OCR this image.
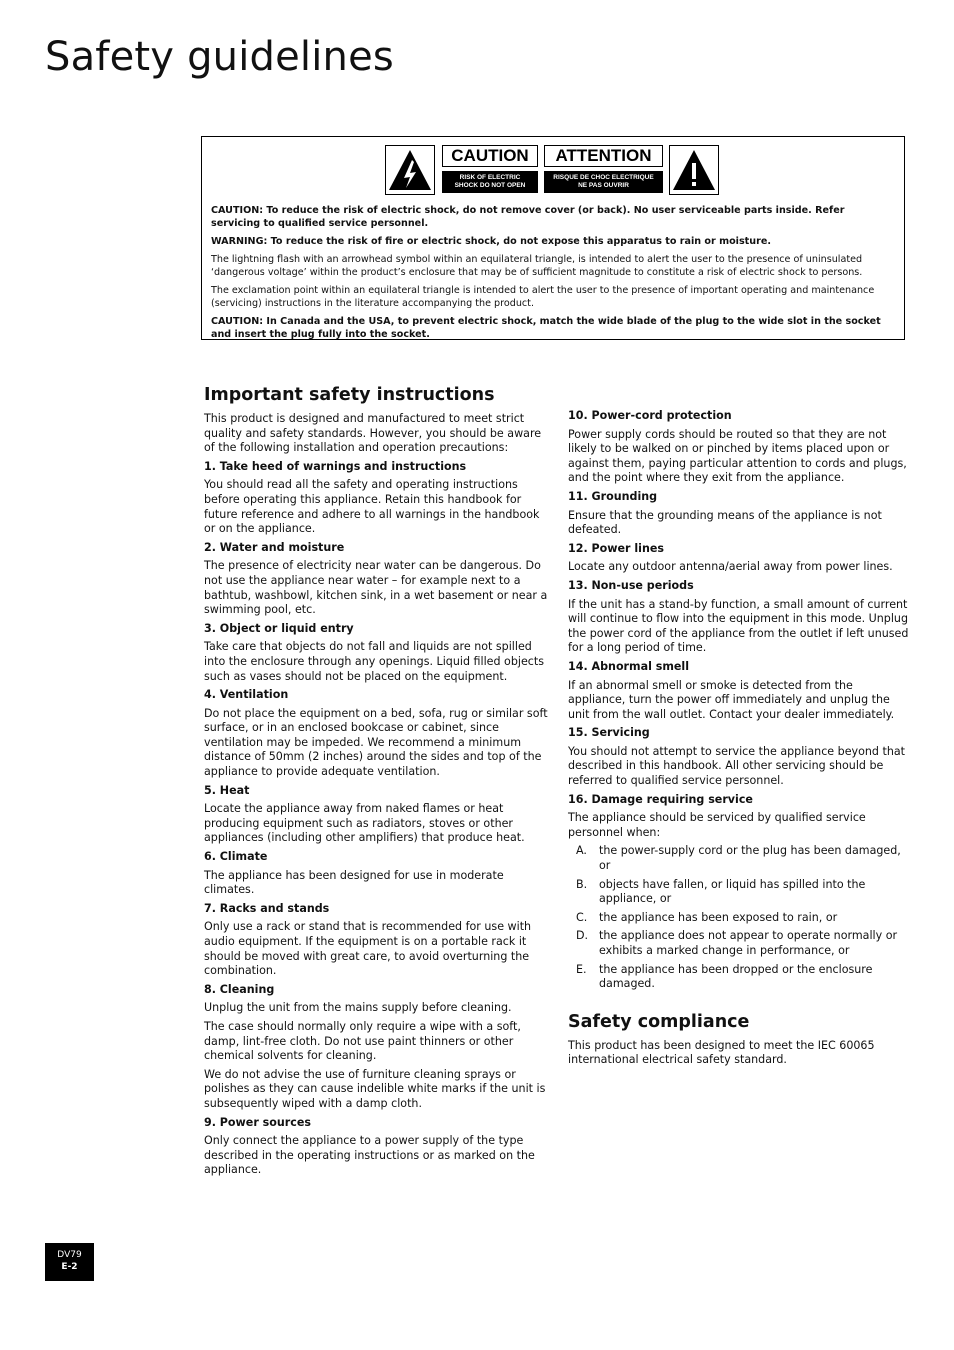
Safety guidelines
CAUTION
RISK OF ELECTRIC
SHOCK DO NOT OPEN
ATTENTION
RISQUE DE CHOC ELECTRIQUE
NE PAS OUVRIR

CAUTION: To reduce the risk of electric shock, do not remove cover (or back). No user serviceable parts inside. Refer servicing to qualified service personnel.

WARNING: To reduce the risk of fire or electric shock, do not expose this apparatus to rain or moisture.

The lightning flash with an arrowhead symbol within an equilateral triangle, is intended to alert the user to the presence of uninsulated ‘dangerous voltage’ within the product’s enclosure that may be of sufficient magnitude to constitute a risk of electric shock to persons.

The exclamation point within an equilateral triangle is intended to alert the user to the presence of important operating and maintenance (servicing) instructions in the literature accompanying the product.

CAUTION: In Canada and the USA, to prevent electric shock, match the wide blade of the plug to the wide slot in the socket and insert the plug fully into the socket.

Important safety instructions

This product is designed and manufactured to meet strict quality and safety standards. However, you should be aware of the following installation and operation precautions:

1. Take heed of warnings and instructions

You should read all the safety and operating instructions before operating this appliance. Retain this handbook for future reference and adhere to all warnings in the handbook or on the appliance.

2. Water and moisture

The presence of electricity near water can be dangerous. Do not use the appliance near water – for example next to a bathtub, washbowl, kitchen sink, in a wet basement or near a swimming pool, etc.

3. Object or liquid entry

Take care that objects do not fall and liquids are not spilled into the enclosure through any openings. Liquid filled objects such as vases should not be placed on the equipment.

4. Ventilation

Do not place the equipment on a bed, sofa, rug or similar soft surface, or in an enclosed bookcase or cabinet, since ventilation may be impeded. We recommend a minimum distance of 50mm (2 inches) around the sides and top of the appliance to provide adequate ventilation.

5. Heat

Locate the appliance away from naked flames or heat producing equipment such as radiators, stoves or other appliances (including other amplifiers) that produce heat.

6. Climate

The appliance has been designed for use in moderate climates.

7. Racks and stands

Only use a rack or stand that is recommended for use with audio equipment. If the equipment is on a portable rack it should be moved with great care, to avoid overturning the combination.

8. Cleaning

Unplug the unit from the mains supply before cleaning.

The case should normally only require a wipe with a soft, damp, lint-free cloth. Do not use paint thinners or other chemical solvents for cleaning.

We do not advise the use of furniture cleaning sprays or polishes as they can cause indelible white marks if the unit is subsequently wiped with a damp cloth.

9. Power sources

Only connect the appliance to a power supply of the type described in the operating instructions or as marked on the appliance.

10. Power-cord protection

Power supply cords should be routed so that they are not likely to be walked on or pinched by items placed upon or against them, paying particular attention to cords and plugs, and the point where they exit from the appliance.

11. Grounding

Ensure that the grounding means of the appliance is not defeated.

12. Power lines

Locate any outdoor antenna/aerial away from power lines.

13. Non-use periods

If the unit has a stand-by function, a small amount of current will continue to flow into the equipment in this mode. Unplug the power cord of the appliance from the outlet if left unused for a long period of time.

14. Abnormal smell

If an abnormal smell or smoke is detected from the appliance, turn the power off immediately and unplug the unit from the wall outlet. Contact your dealer immediately.

15. Servicing

You should not attempt to service the appliance beyond that described in this handbook. All other servicing should be referred to qualified service personnel.

16. Damage requiring service

The appliance should be serviced by qualified service personnel when:

A. the power-supply cord or the plug has been damaged, or
B. objects have fallen, or liquid has spilled into the appliance, or
C. the appliance has been exposed to rain, or
D. the appliance does not appear to operate normally or exhibits a marked change in performance, or
E. the appliance has been dropped or the enclosure damaged.
Safety compliance

This product has been designed to meet the IEC 60065 international electrical safety standard.

DV79
E-2
